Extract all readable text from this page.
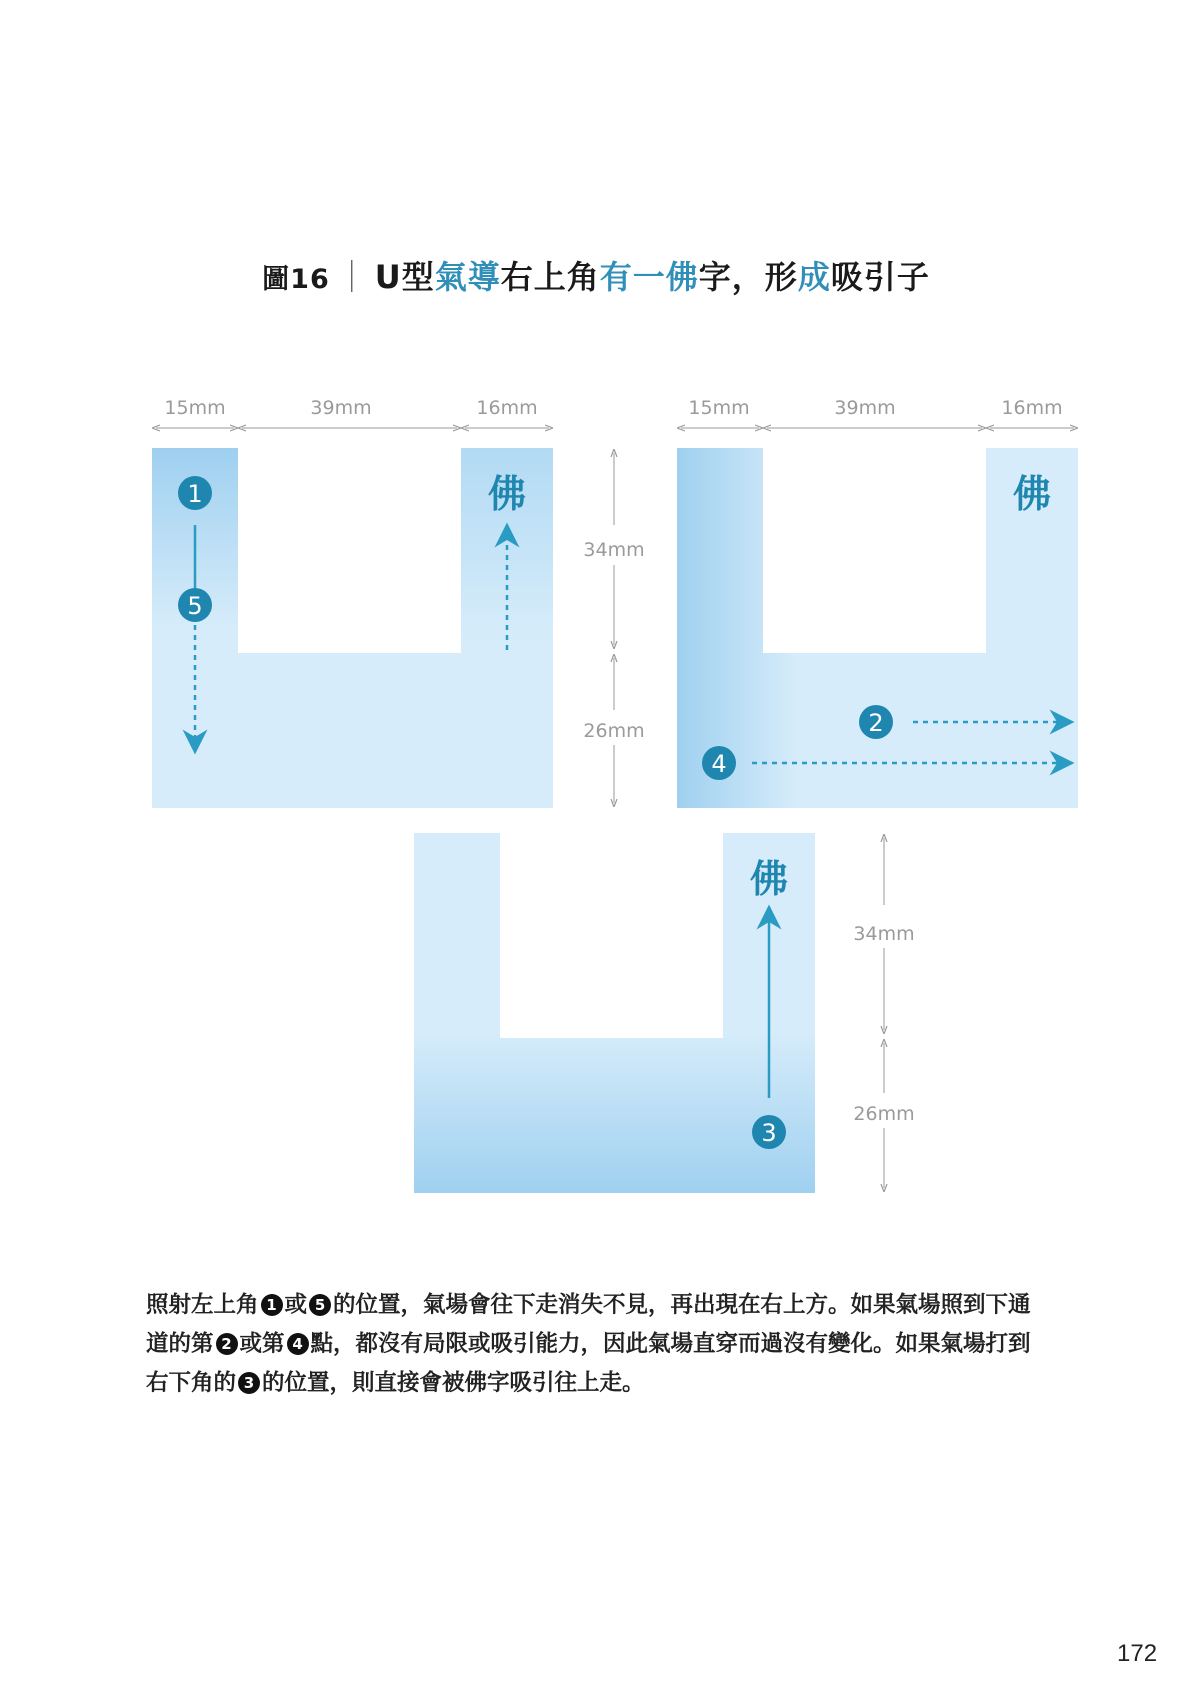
圖16 ｜ U型氣導右上角有一佛字，形成吸引子
佛
1
5
15mm	39mm	16mm
34mm
26mm
佛
2
4
15mm	39mm	16mm
佛
3
34mm
26mm

照射左上角 1 或 5 的位置，氣場會往下走消失不見，再出現在右上方。如果氣場照到下通

道的第 2 或第 4 點，都沒有局限或吸引能力，因此氣場直穿而過沒有變化。如果氣場打到

右下角的 3 的位置，則直接會被佛字吸引往上走。

172
